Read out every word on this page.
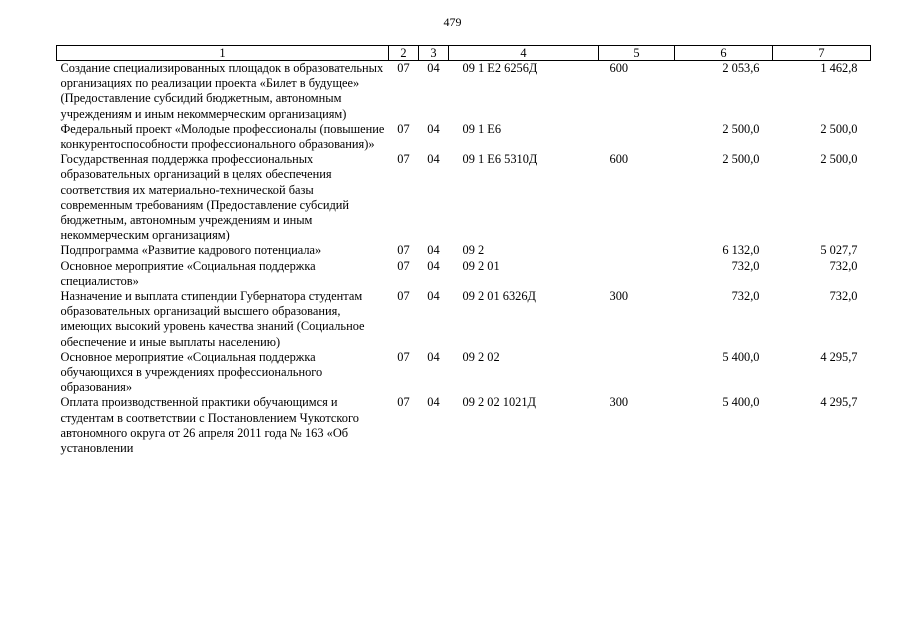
479
1	2	3	4	5	6	7
Создание специализированных площадок в образовательных организациях по реализации проекта «Билет в будущее» (Предоставление субсидий бюджетным, автономным учреждениям и иным некоммерческим организациям)	07	04	09 1 E2 6256Д	600	2 053,6	1 462,8
Федеральный проект «Молодые профессионалы (повышение конкурентоспособности профессионального образования)»	07	04	09 1 E6		2 500,0	2 500,0
Государственная поддержка профессиональных образовательных организаций в целях обеспечения соответствия их материально-технической базы современным требованиям (Предоставление субсидий бюджетным, автономным учреждениям и иным некоммерческим организациям)	07	04	09 1 E6 5310Д	600	2 500,0	2 500,0
Подпрограмма «Развитие кадрового потенциала»	07	04	09 2		6 132,0	5 027,7
Основное мероприятие «Социальная поддержка специалистов»	07	04	09 2 01		732,0	732,0
Назначение и выплата стипендии Губернатора студентам образовательных организаций высшего образования, имеющих высокий уровень качества знаний (Социальное обеспечение и иные выплаты населению)	07	04	09 2 01 6326Д	300	732,0	732,0
Основное мероприятие «Социальная поддержка обучающихся в учреждениях профессионального образования»	07	04	09 2 02		5 400,0	4 295,7
Оплата производственной практики обучающимся и студентам в соответствии с Постановлением Чукотского автономного округа от 26 апреля 2011 года № 163 «Об установлении	07	04	09 2 02 1021Д	300	5 400,0	4 295,7
